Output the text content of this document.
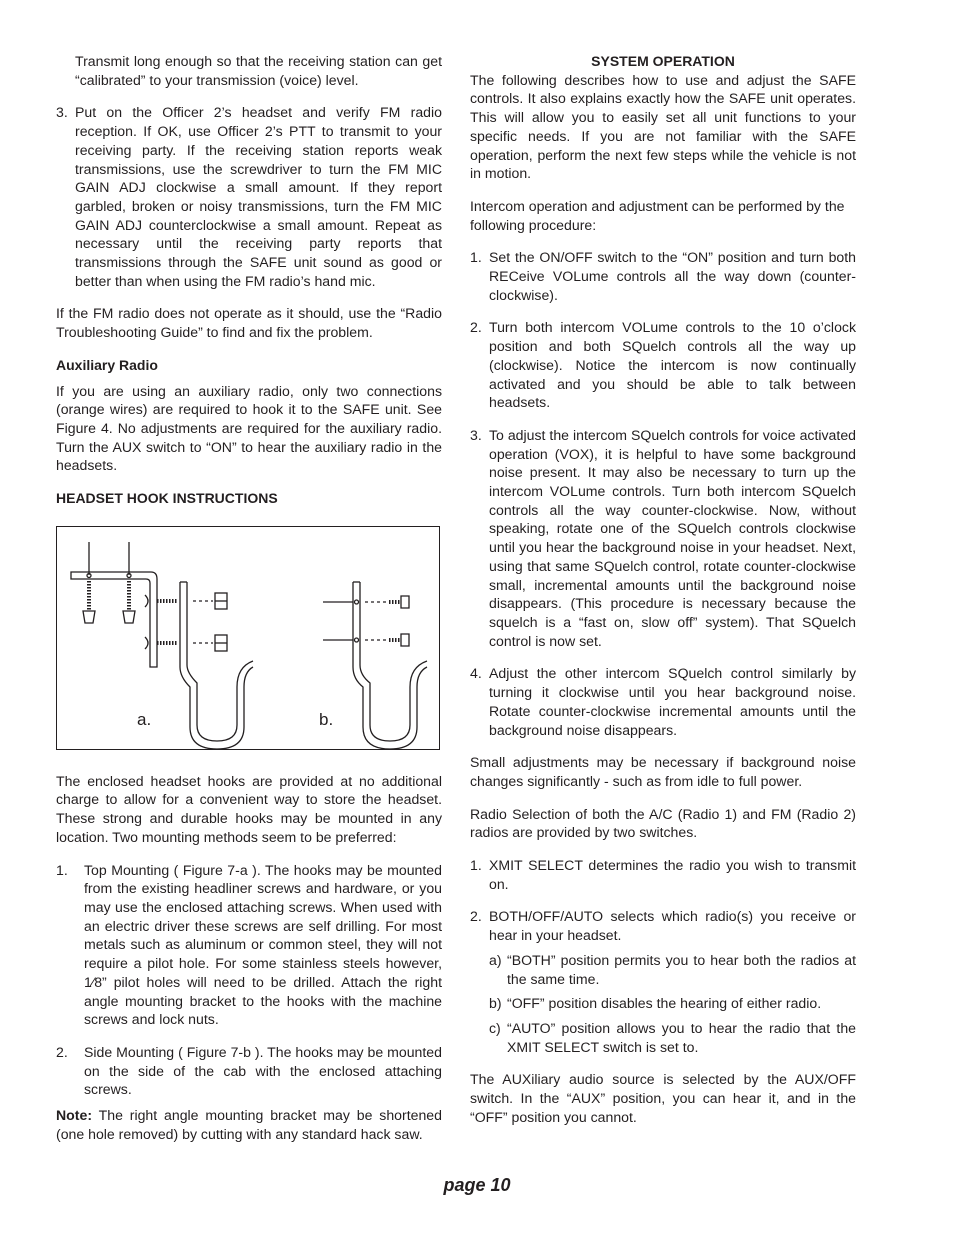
Transmit long enough so that the receiving station can get “calibrated” to your transmission (voice) level.

3. Put on the Officer 2’s headset and verify FM radio reception. If OK, use Officer 2’s PTT to transmit to your receiving party. If the receiving station reports weak transmissions, use the screwdriver to turn the FM MIC GAIN ADJ clockwise a small amount. If they report garbled, broken or noisy transmissions, turn the FM MIC GAIN ADJ counterclockwise a small amount. Repeat as necessary until the receiving party reports that transmissions through the SAFE unit sound as good or better than when using the FM radio’s hand mic.

If the FM radio does not operate as it should, use the “Radio Troubleshooting Guide” to find and fix the problem.

Auxiliary Radio

If you are using an auxiliary radio, only two connections (orange wires) are required to hook it to the SAFE unit. See Figure 4. No adjustments are required for the auxiliary radio. Turn the AUX switch to “ON” to hear the auxiliary radio in the headsets.

HEADSET HOOK INSTRUCTIONS

a.	b.

The enclosed headset hooks are provided at no additional charge to allow for a convenient way to store the headset. These strong and durable hooks may be mounted in any location. Two mounting methods seem to be preferred:

1. Top Mounting ( Figure 7-a ). The hooks may be mounted from the existing headliner screws and hardware, or you may use the enclosed attaching screws. When used with an electric driver these screws are self drilling. For most metals such as aluminum or common steel, they will not require a pilot hole. For some stainless steels however, 1⁄8” pilot holes will need to be drilled. Attach the right angle mounting bracket to the hooks with the machine screws and lock nuts.
2. Side Mounting ( Figure 7-b ). The hooks may be mounted on the side of the cab with the enclosed attaching screws.

Note: The right angle mounting bracket may be shortened (one hole removed) by cutting with any standard hack saw.

SYSTEM OPERATION

The following describes how to use and adjust the SAFE controls. It also explains exactly how the SAFE unit operates. This will allow you to easily set all unit functions to your specific needs. If you are not familiar with the SAFE operation, perform the next few steps while the vehicle is not in motion.

Intercom operation and adjustment can be performed by the following procedure:

1. Set the ON/OFF switch to the “ON” position and turn both RECeive VOLume controls all the way down (counter-clockwise).
2. Turn both intercom VOLume controls to the 10 o’clock position and both SQuelch controls all the way up (clockwise). Notice the intercom is now continually activated and you should be able to talk between headsets.
3. To adjust the intercom SQuelch controls for voice activated operation (VOX), it is helpful to have some background noise present. It may also be necessary to turn up the intercom VOLume controls. Turn both intercom SQuelch controls all the way counter-clockwise. Now, without speaking, rotate one of the SQuelch controls clockwise until you hear the background noise in your headset. Next, using that same SQuelch control, rotate counter-clockwise small, incremental amounts until the background noise disappears. (This procedure is necessary because the squelch is a “fast on, slow off” system). That SQuelch control is now set.
4. Adjust the other intercom SQuelch control similarly by turning it clockwise until you hear background noise. Rotate counter-clockwise incremental amounts until the background noise disappears.

Small adjustments may be necessary if background noise changes significantly - such as from idle to full power.

Radio Selection of both the A/C (Radio 1) and FM (Radio 2) radios are provided by two switches.

1. XMIT SELECT determines the radio you wish to transmit on.
2. BOTH/OFF/AUTO selects which radio(s) you receive or hear in your headset.
a) “BOTH” position permits you to hear both the radios at the same time.
b) “OFF” position disables the hearing of either radio.
c) “AUTO” position allows you to hear the radio that the XMIT SELECT switch is set to.

The AUXiliary audio source is selected by the AUX/OFF switch. In the “AUX” position, you can hear it, and in the “OFF” position you cannot.

page 10
